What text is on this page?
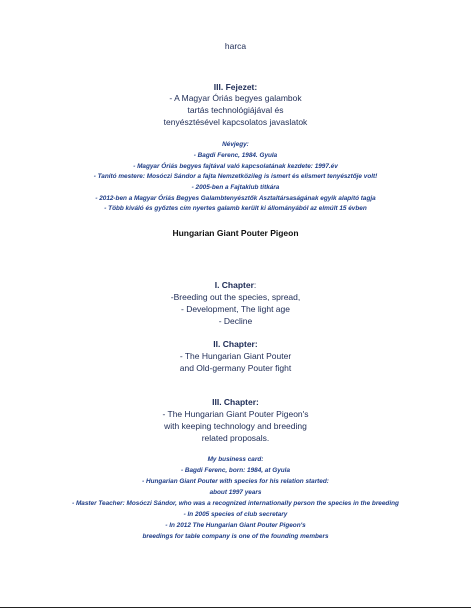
harca
III. Fejezet:
- A Magyar Óriás begyes galambok
tartás technológiájával és
tenyésztésével kapcsolatos javaslatok
Névjegy:
- Bagdi Ferenc, 1984. Gyula
- Magyar Óriás begyes fajtával való kapcsolatának kezdete: 1997.év
- Tanító mestere: Mosóczi Sándor a fajta Nemzetközileg is ismert és elismert tenyésztője volt!
- 2005-ben a Fajtaklub titkára
- 2012-ben a Magyar Óriás Begyes Galambtenyésztők Asztaltársaságának egyik alapító tagja
- Több kiváló és győztes cím nyertes galamb került ki állományából az elmúlt 15 évben
Hungarian Giant Pouter Pigeon
I. Chapter:
-Breeding out the species, spread,
- Development, The light age
- Decline
II. Chapter:
- The Hungarian Giant Pouter
and Old-germany Pouter fight
III. Chapter:
- The Hungarian Giant Pouter Pigeon's
with keeping technology and breeding
related proposals.
My business card:
- Bagdi Ferenc, born: 1984, at Gyula
- Hungarian Giant Pouter with species for his relation started:
about 1997 years
- Master Teacher: Mosóczi Sándor, who was a recognized internationally person the species in the breeding
- In 2005 species of club secretary
- In 2012 The Hungarian Giant Pouter Pigeon's
breedings for table company is one of the founding members
